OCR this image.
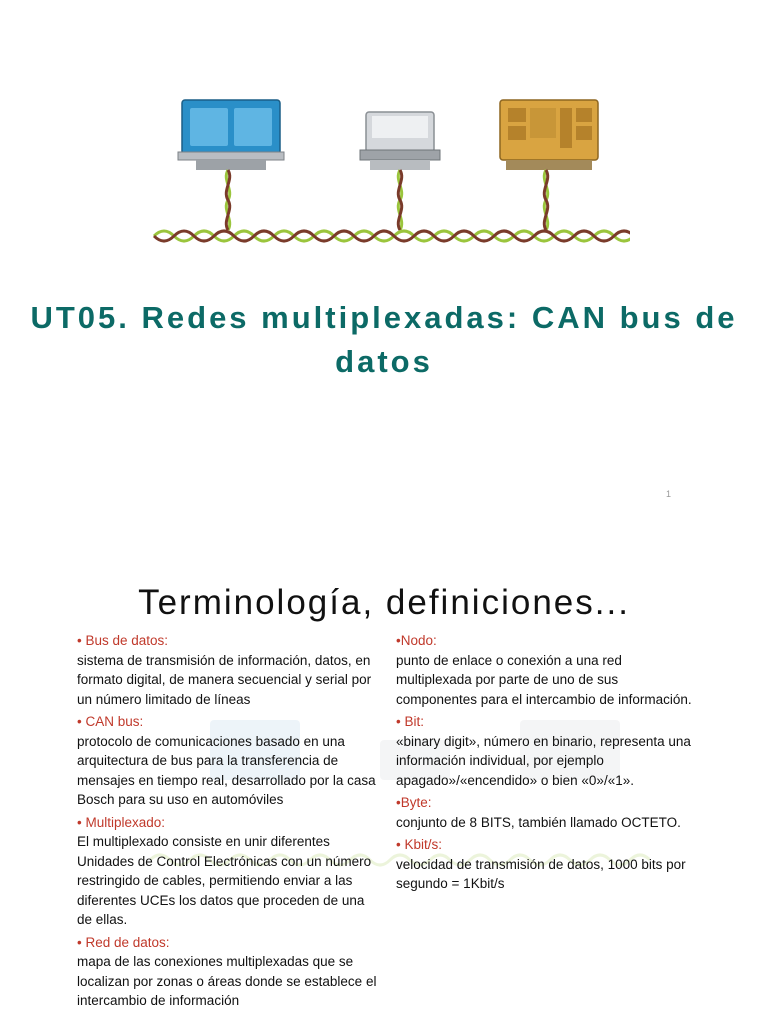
UT05. Redes multiplexadas: CAN bus de datos
1
Terminología, definiciones...
• Bus de datos:
sistema de transmisión de información, datos, en formato digital, de manera secuencial y serial por un número limitado de líneas
• CAN bus:
protocolo de comunicaciones basado en una arquitectura de bus para la transferencia de mensajes en tiempo real, desarrollado por la casa Bosch para su uso en automóviles
• Multiplexado:
El multiplexado consiste en unir diferentes Unidades de Control Electrónicas con un número restringido de cables, permitiendo enviar a las diferentes UCEs los datos que proceden de una de ellas.
• Red de datos:
mapa de las conexiones multiplexadas que se localizan por zonas o áreas donde se establece el intercambio de información
•Nodo:
punto de enlace o conexión a una red multiplexada por parte de uno de sus componentes para el intercambio de información.
• Bit:
«binary digit», número en binario, representa una información individual, por ejemplo apagado»/«encendido» o bien «0»/«1».
•Byte:
conjunto de 8 BITS, también llamado OCTETO.
• Kbit/s:
velocidad de transmisión de datos, 1000 bits por segundo = 1Kbit/s
